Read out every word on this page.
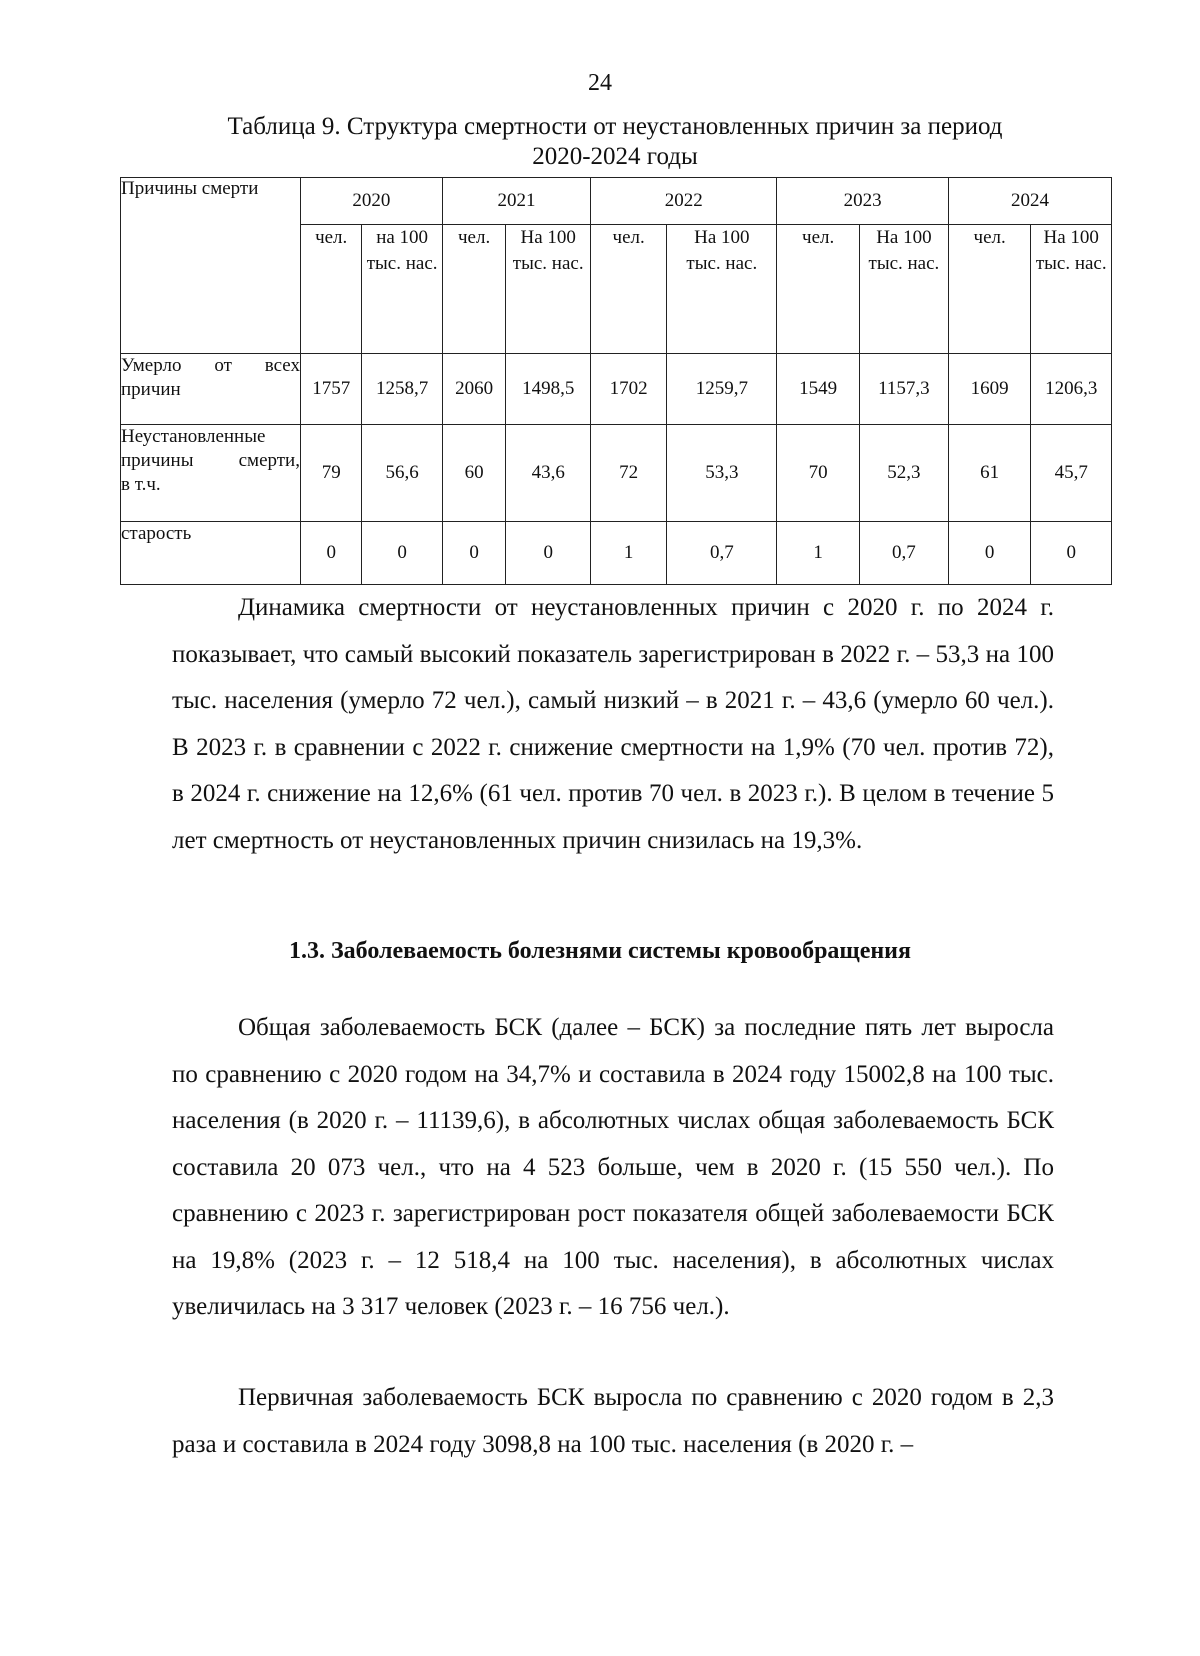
24
Таблица 9. Структура смертности от неустановленных причин за период
2020-2024 годы
Причины смерти	2020		2021		2022		2023		2024	
	чел.	на 100 тыс. нас.	чел.	На 100 тыс. нас.	чел.	На 100 тыс. нас.	чел.	На 100 тыс. нас.	чел.	На 100 тыс. нас.

Умерло от всех
причин	1757	1258,7	2060	1498,5	1702	1259,7	1549	1157,3	1609	1206,3

Неустановленные
причины смерти,
в т.ч.	79	56,6	60	43,6	72	53,3	70	52,3	61	45,7
старость	0	0	0	0	1	0,7	1	0,7	0	0

Динамика смертности от неустановленных причин с 2020 г. по 2024 г. показывает, что самый высокий показатель зарегистрирован в 2022 г. – 53,3 на 100 тыс. населения (умерло 72 чел.), самый низкий – в 2021 г. – 43,6 (умерло 60 чел.). В 2023 г. в сравнении с 2022 г. снижение смертности на 1,9% (70 чел. против 72), в 2024 г. снижение на 12,6% (61 чел. против 70 чел. в 2023 г.). В целом в течение 5 лет смертность от неустановленных причин снизилась на 19,3%.

1.3. Заболеваемость болезнями системы кровообращения

Общая заболеваемость БСК (далее – БСК) за последние пять лет выросла по сравнению с 2020 годом на 34,7% и составила в 2024 году 15002,8 на 100 тыс. населения (в 2020 г. – 11139,6), в абсолютных числах общая заболеваемость БСК составила 20 073 чел., что на 4 523 больше, чем в 2020 г. (15 550 чел.). По сравнению с 2023 г. зарегистрирован рост показателя общей заболеваемости БСК на 19,8% (2023 г. – 12 518,4 на 100 тыс. населения), в абсолютных числах увеличилась на 3 317 человек (2023 г. – 16 756 чел.).

Первичная заболеваемость БСК выросла по сравнению с 2020 годом в 2,3 раза и составила в 2024 году 3098,8 на 100 тыс. населения (в 2020 г. –
